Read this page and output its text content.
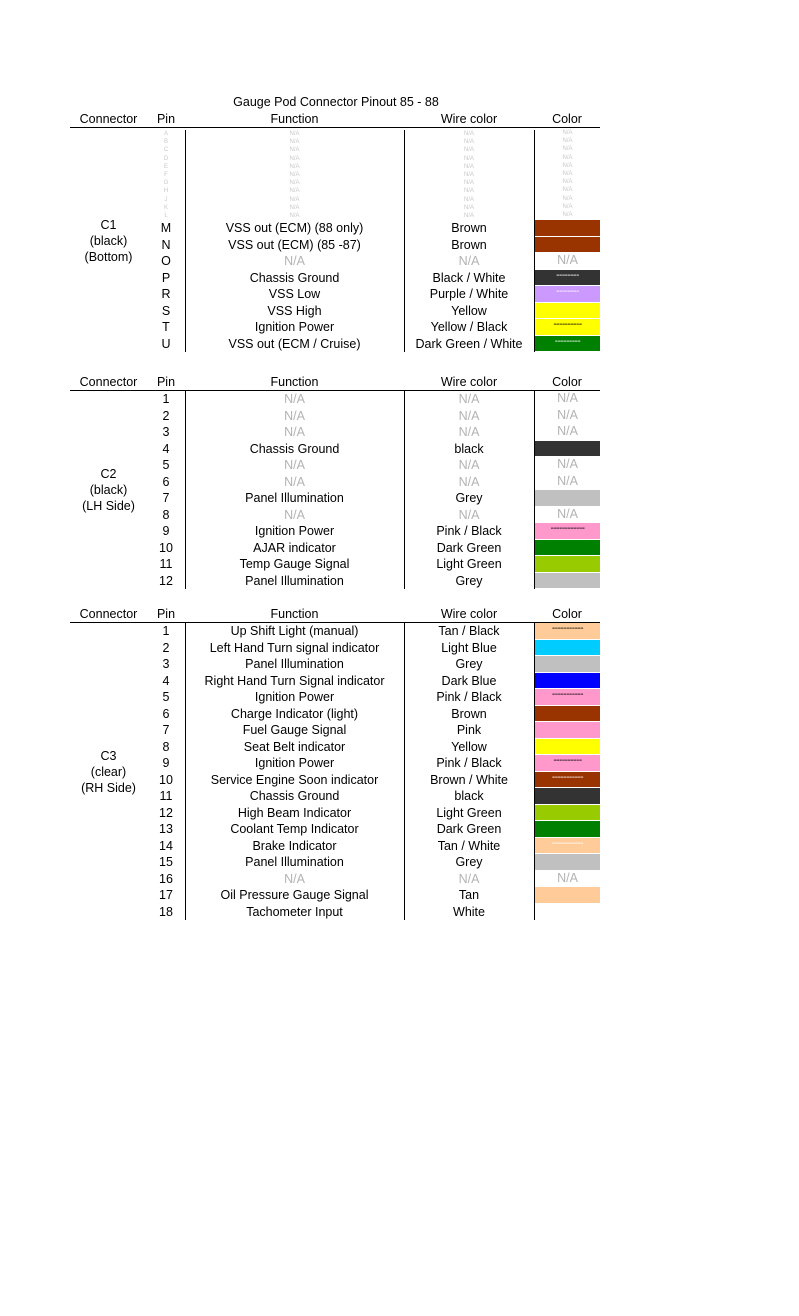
Gauge Pod Connector Pinout 85 - 88
Connector	Pin	Function	Wire color	Color
A	N/A	N/A	N/A
B	N/A	N/A	N/A
C	N/A	N/A	N/A
D	N/A	N/A	N/A
E	N/A	N/A	N/A
F	N/A	N/A	N/A
G	N/A	N/A	N/A
H	N/A	N/A	N/A
J	N/A	N/A	N/A
K	N/A	N/A	N/A
L	N/A	N/A	N/A
M	VSS out (ECM) (88 only)	Brown
N	VSS out (ECM) (85 -87)	Brown
O	N/A	N/A	N/A
P	Chassis Ground	Black / White	--------
R	VSS Low	Purple / White	--------
S	VSS High	Yellow
T	Ignition Power	Yellow / Black	----------
U	VSS out (ECM / Cruise)	Dark Green / White	---------
C1
(black)
(Bottom)
Connector	Pin	Function	Wire color	Color
1	N/A	N/A	N/A
2	N/A	N/A	N/A
3	N/A	N/A	N/A
4	Chassis Ground	black
5	N/A	N/A	N/A
6	N/A	N/A	N/A
7	Panel Illumination	Grey
8	N/A	N/A	N/A
9	Ignition Power	Pink / Black	------------
10	AJAR indicator	Dark Green
11	Temp Gauge Signal	Light Green
12	Panel Illumination	Grey
C2
(black)
(LH Side)
Connector	Pin	Function	Wire color	Color
1	Up Shift Light (manual)	Tan / Black	-----------
2	Left Hand Turn signal indicator	Light Blue
3	Panel Illumination	Grey
4	Right Hand Turn Signal indicator	Dark Blue
5	Ignition Power	Pink / Black	-----------
6	Charge Indicator (light)	Brown
7	Fuel Gauge Signal	Pink
8	Seat Belt indicator	Yellow
9	Ignition Power	Pink / Black	----------
10	Service Engine Soon indicator	Brown / White	-----------
11	Chassis Ground	black
12	High Beam Indicator	Light Green
13	Coolant Temp Indicator	Dark Green
14	Brake Indicator	Tan / White	-----------
15	Panel Illumination	Grey
16	N/A	N/A	N/A
17	Oil Pressure Gauge Signal	Tan
18	Tachometer Input	White
C3
(clear)
(RH Side)
